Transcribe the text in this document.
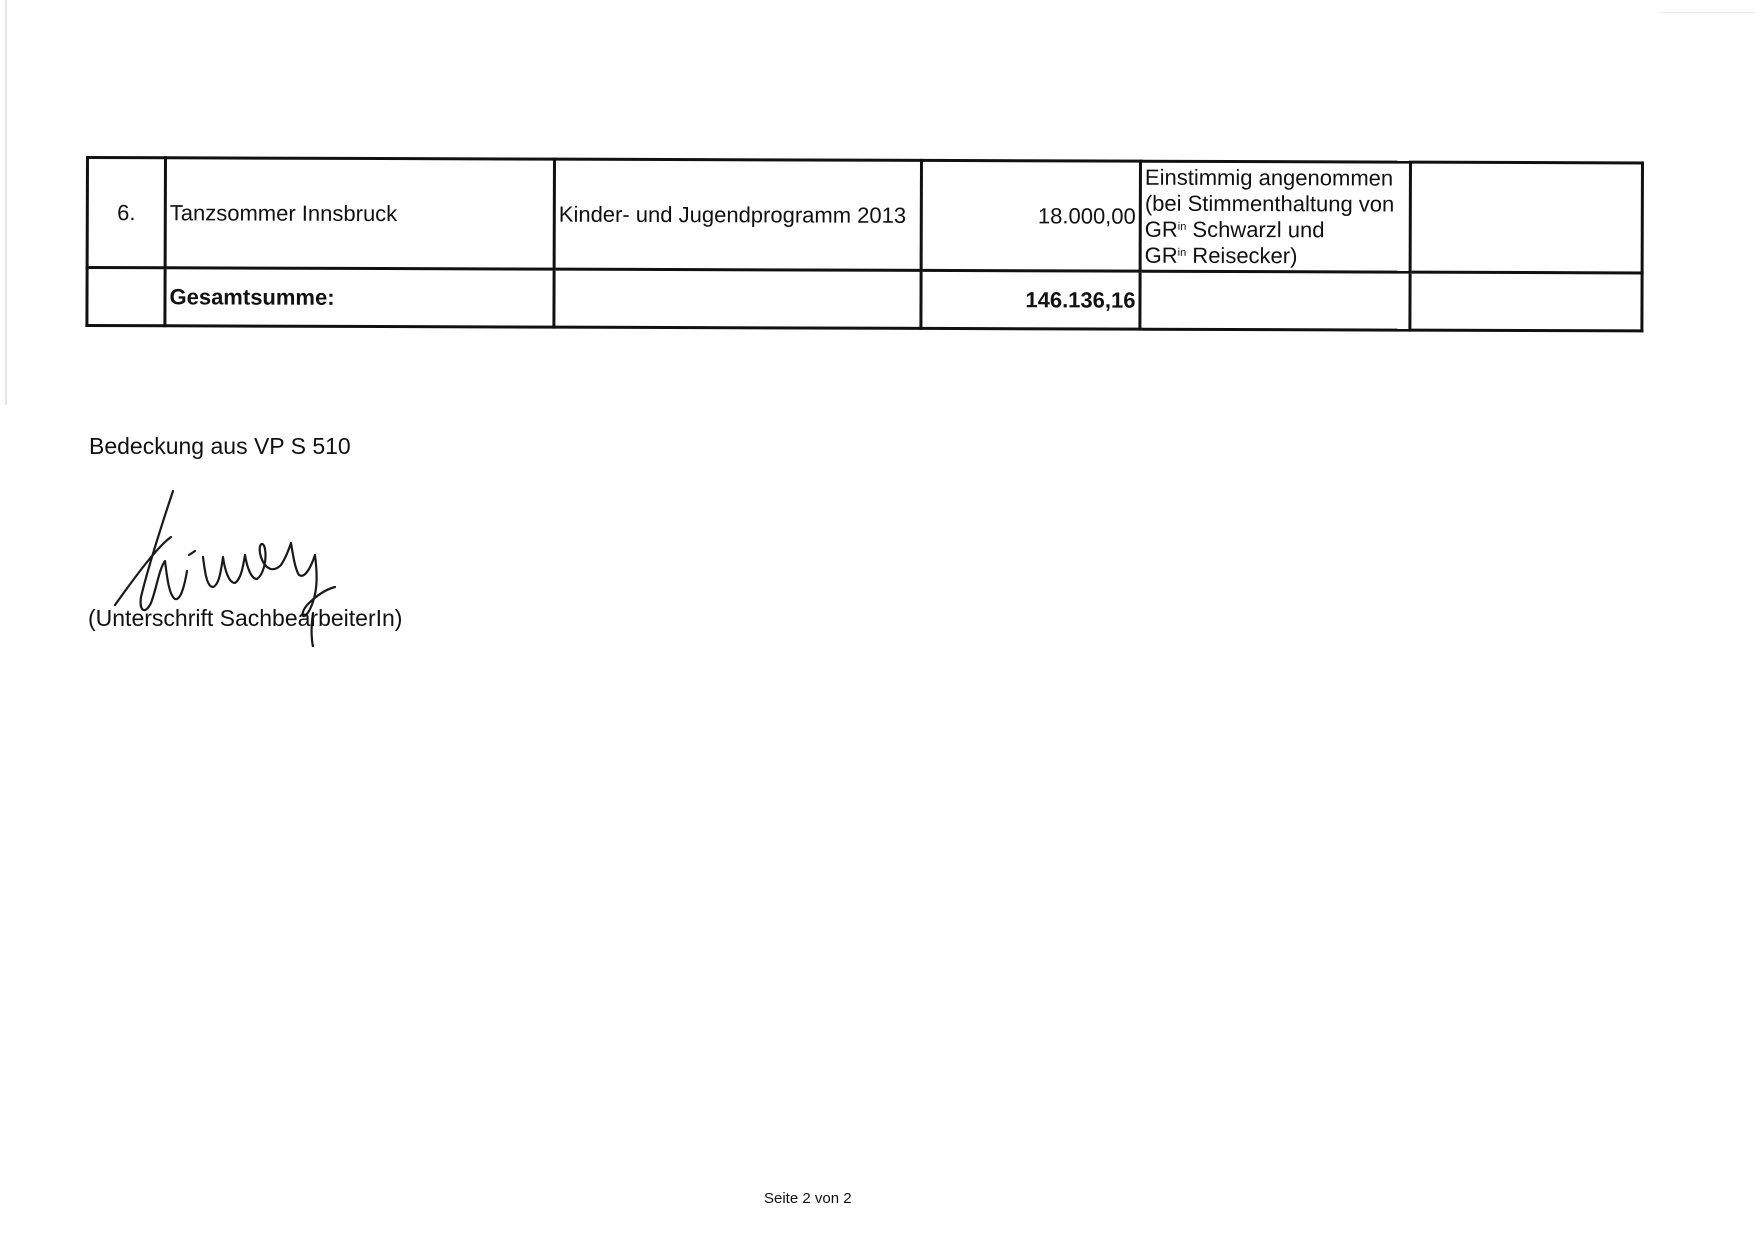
6.	Tanzsommer Innsbruck	Kinder- und Jugendprogramm 2013	18.000,00	Einstimmig angenommen
(bei Stimmenthaltung von
$GR^{in}$ Schwarzl und
$GR^{in}$ Reisecker)	

	Gesamtsumme:		146.136,16		
Bedeckung aus VP S 510
(Unterschrift SachbearbeiterIn)
Seite 2 von 2
